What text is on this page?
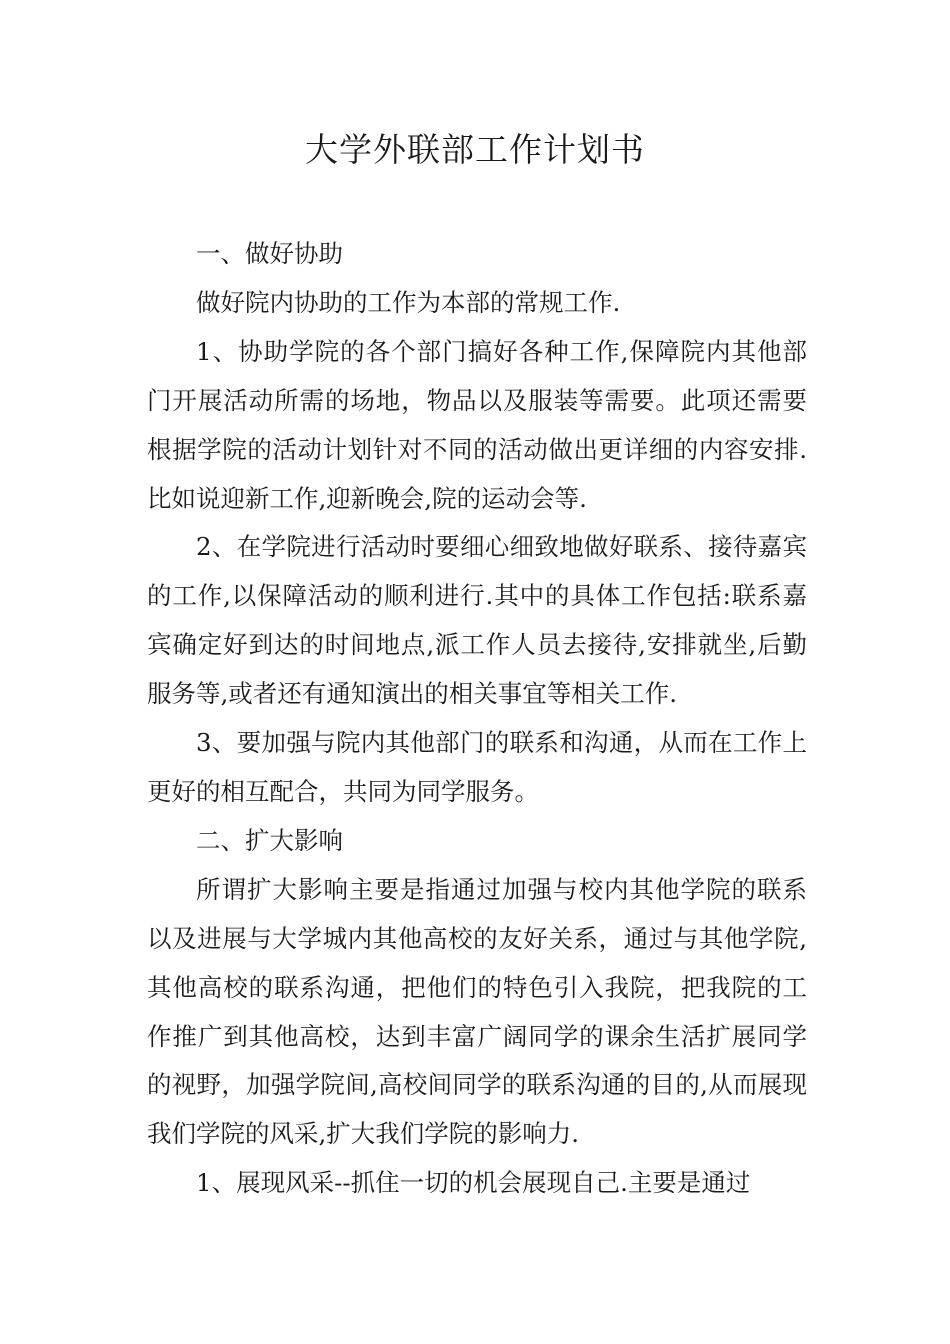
大学外联部工作计划书

一、做好协助

做好院内协助的工作为本部的常规工作.

1、协助学院的各个部门搞好各种工作,保障院内其他部门开展活动所需的场地，物品以及服装等需要。此项还需要根据学院的活动计划针对不同的活动做出更详细的内容安排.比如说迎新工作,迎新晚会,院的运动会等.

2、在学院进行活动时要细心细致地做好联系、接待嘉宾的工作,以保障活动的顺利进行.其中的具体工作包括:联系嘉宾确定好到达的时间地点,派工作人员去接待,安排就坐,后勤服务等,或者还有通知演出的相关事宜等相关工作.

3、要加强与院内其他部门的联系和沟通，从而在工作上更好的相互配合，共同为同学服务。

二、扩大影响

所谓扩大影响主要是指通过加强与校内其他学院的联系以及进展与大学城内其他高校的友好关系，通过与其他学院,其他高校的联系沟通，把他们的特色引入我院，把我院的工作推广到其他高校，达到丰富广阔同学的课余生活扩展同学的视野，加强学院间,高校间同学的联系沟通的目的,从而展现我们学院的风采,扩大我们学院的影响力.

1、展现风采--抓住一切的机会展现自己.主要是通过
